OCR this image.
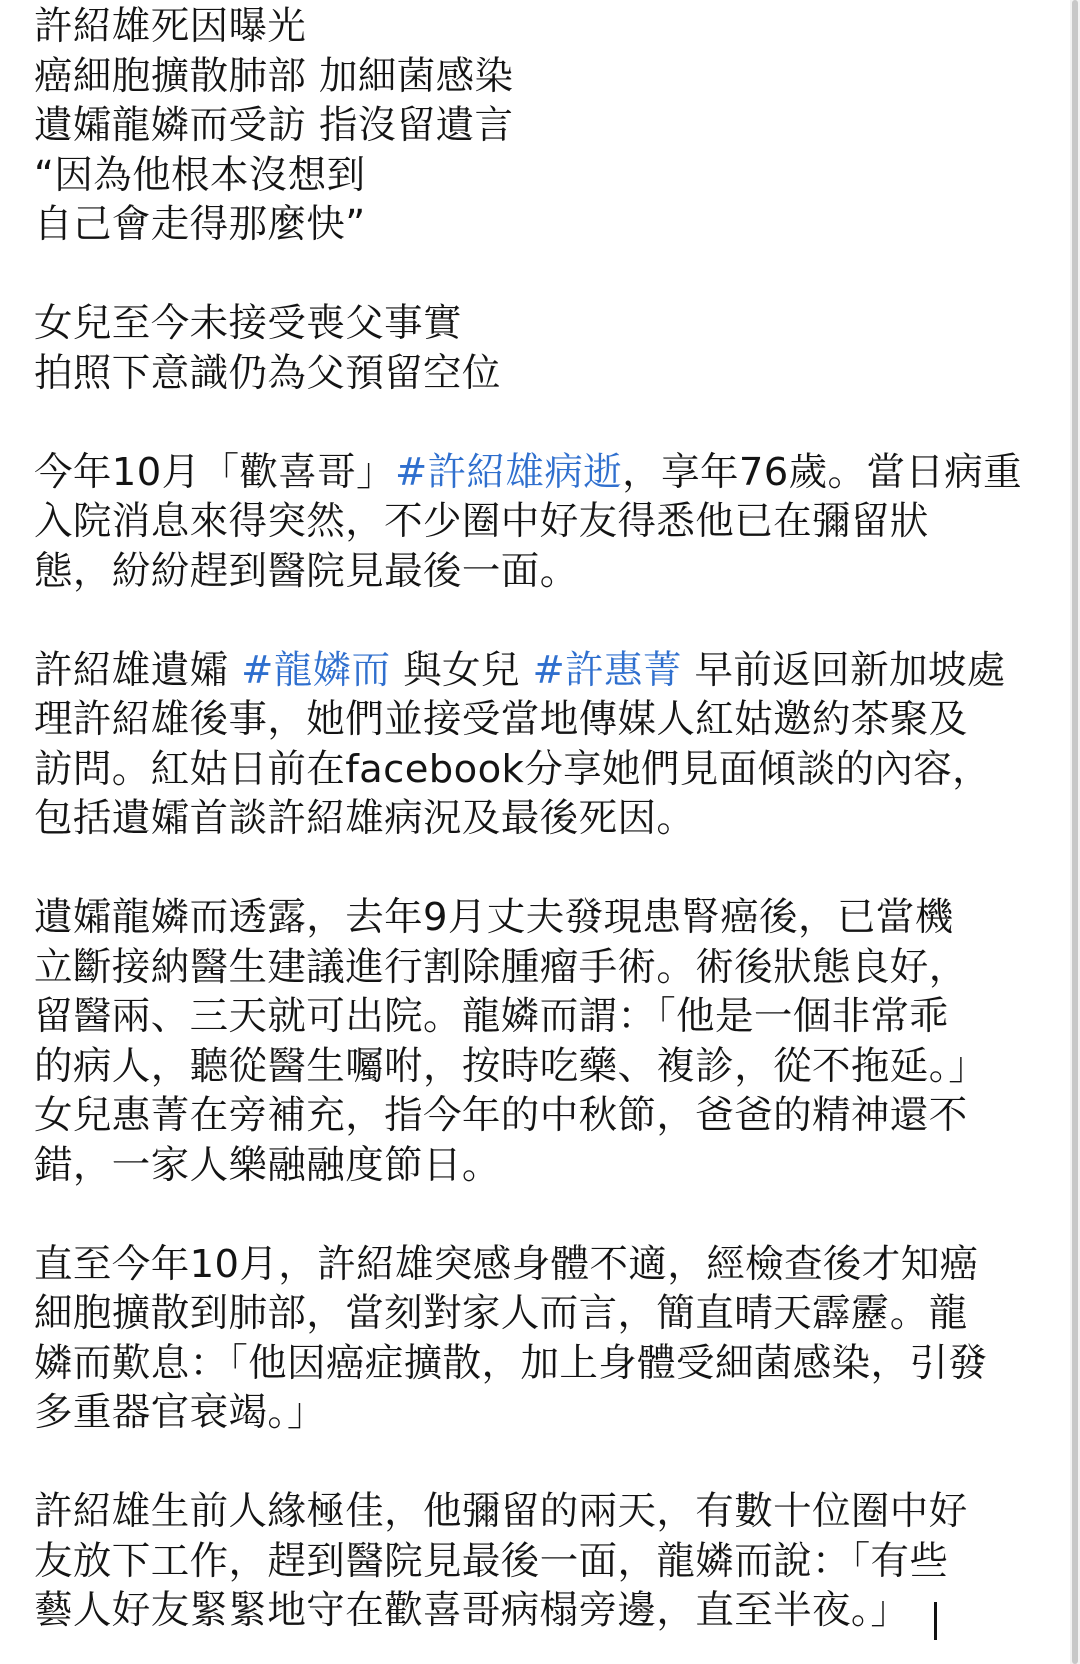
許紹雄死因曝光
癌細胞擴散肺部 加細菌感染
遺孀龍嫾而受訪 指沒留遺言
“因為他根本沒想到
自己會走得那麼快”
女兒至今未接受喪父事實
拍照下意識仍為父預留空位
今年10月「歡喜哥」#許紹雄病逝，享年76歲。當日病重
入院消息來得突然，不少圈中好友得悉他已在彌留狀
態，紛紛趕到醫院見最後一面。
許紹雄遺孀 #龍嫾而 與女兒 #許惠菁 早前返回新加坡處
理許紹雄後事，她們並接受當地傳媒人紅姑邀約茶聚及
訪問。紅姑日前在facebook分享她們見面傾談的內容，
包括遺孀首談許紹雄病況及最後死因。
遺孀龍嫾而透露，去年9月丈夫發現患腎癌後，已當機
立斷接納醫生建議進行割除腫瘤手術。術後狀態良好，
留醫兩、三天就可出院。龍嫾而謂：「他是一個非常乖
的病人，聽從醫生囑咐，按時吃藥、複診，從不拖延。」
女兒惠菁在旁補充，指今年的中秋節，爸爸的精神還不
錯，一家人樂融融度節日。
直至今年10月，許紹雄突感身體不適，經檢查後才知癌
細胞擴散到肺部，當刻對家人而言，簡直晴天霹靂。龍
嫾而歎息：「他因癌症擴散，加上身體受細菌感染，引發
多重器官衰竭。」
許紹雄生前人緣極佳，他彌留的兩天，有數十位圈中好
友放下工作，趕到醫院見最後一面，龍嫾而說：「有些
藝人好友緊緊地守在歡喜哥病榻旁邊，直至半夜。」
